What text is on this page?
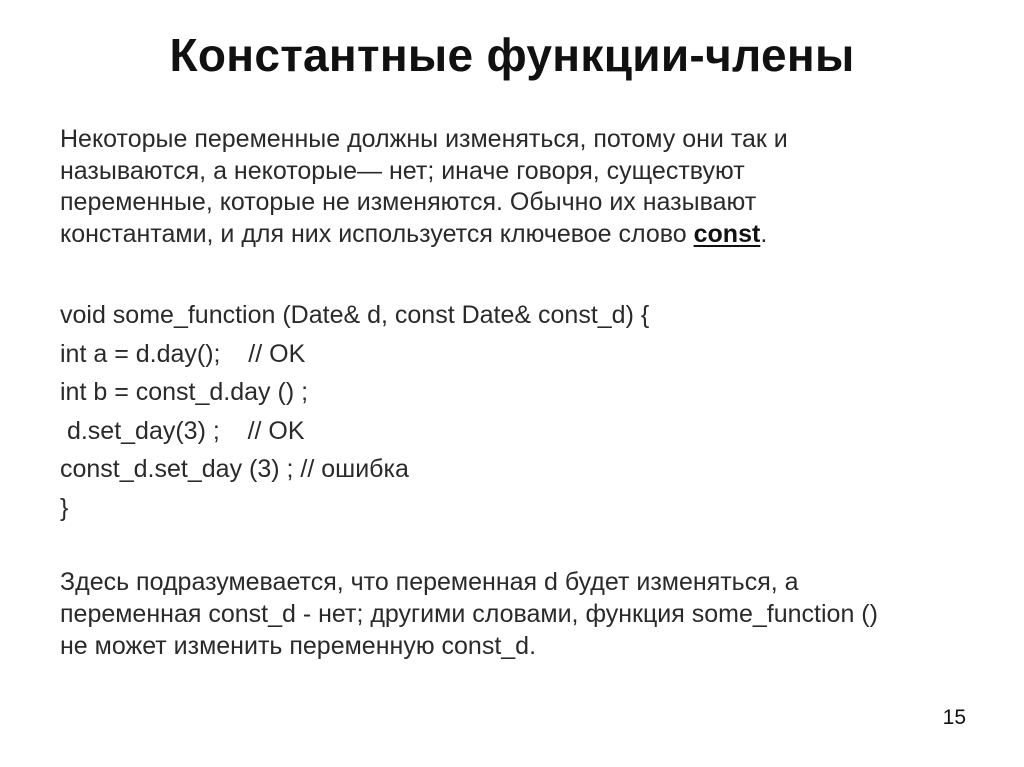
Константные функции-члены
Некоторые переменные должны изменяться, потому они так и
называются, а некоторые— нет; иначе говоря, существуют
переменные, которые не изменяются. Обычно их называют
константами, и для них используется ключевое слово const.
void some_function (Date& d, const Date& const_d) {
int a = d.day();    // OK
int b = const_d.day () ;
d.set_day(3) ;    // OK
const_d.set_day (3) ; // ошибка
}
Здесь подразумевается, что переменная d будет изменяться, а
переменная const_d - нет; другими словами, функция some_function ()
не может изменить переменную const_d.
15
